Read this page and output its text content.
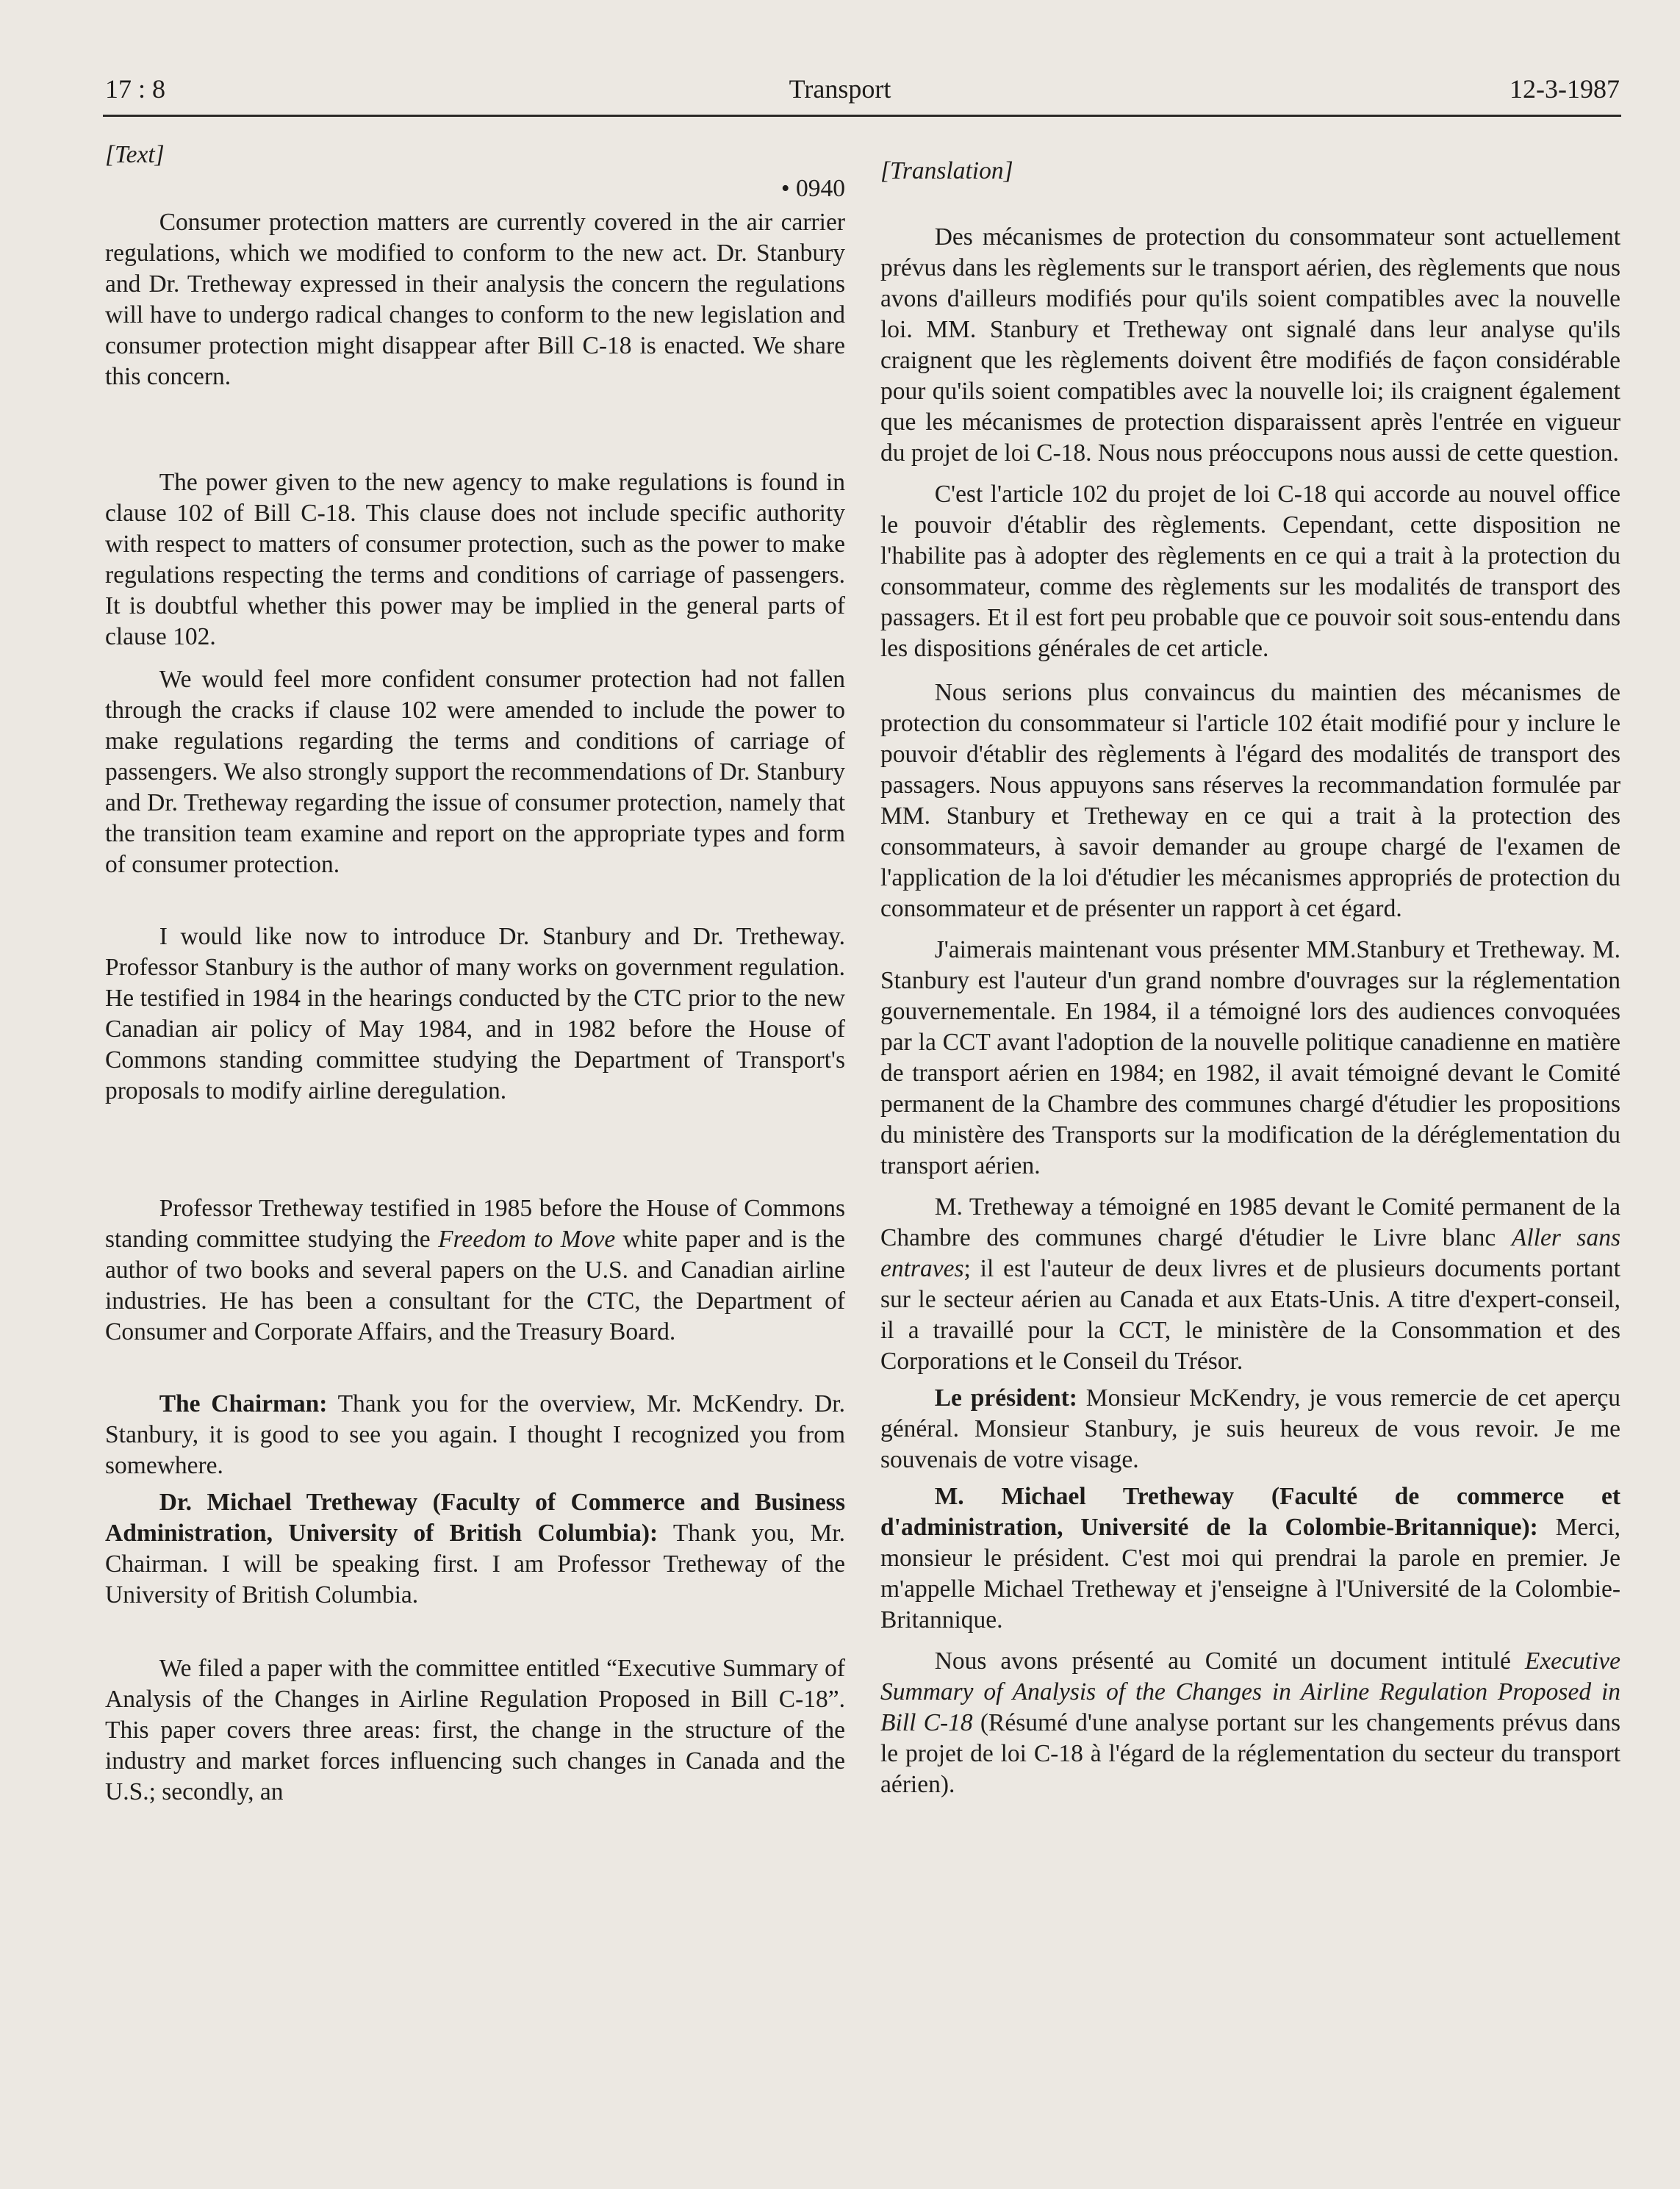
17 : 8	Transport	12-3-1987

[Text]

• 0940

Consumer protection matters are currently covered in the air carrier regulations, which we modified to conform to the new act. Dr. Stanbury and Dr. Tretheway expressed in their analysis the concern the regulations will have to undergo radical changes to conform to the new legislation and consumer protection might disappear after Bill C-18 is enacted. We share this concern.

The power given to the new agency to make regulations is found in clause 102 of Bill C-18. This clause does not include specific authority with respect to matters of consumer protection, such as the power to make regulations respecting the terms and conditions of carriage of passengers. It is doubtful whether this power may be implied in the general parts of clause 102.

We would feel more confident consumer protection had not fallen through the cracks if clause 102 were amended to include the power to make regulations regarding the terms and conditions of carriage of passengers. We also strongly support the recommendations of Dr. Stanbury and Dr. Tretheway regarding the issue of consumer protection, namely that the transition team examine and report on the appropriate types and form of consumer protection.

I would like now to introduce Dr. Stanbury and Dr. Tretheway. Professor Stanbury is the author of many works on government regulation. He testified in 1984 in the hearings conducted by the CTC prior to the new Canadian air policy of May 1984, and in 1982 before the House of Commons standing committee studying the Department of Transport's proposals to modify airline deregulation.

Professor Tretheway testified in 1985 before the House of Commons standing committee studying the Freedom to Move white paper and is the author of two books and several papers on the U.S. and Canadian airline industries. He has been a consultant for the CTC, the Department of Consumer and Corporate Affairs, and the Treasury Board.

The Chairman: Thank you for the overview, Mr. McKendry. Dr. Stanbury, it is good to see you again. I thought I recognized you from somewhere.

Dr. Michael Tretheway (Faculty of Commerce and Business Administration, University of British Columbia): Thank you, Mr. Chairman. I will be speaking first. I am Professor Tretheway of the University of British Columbia.

We filed a paper with the committee entitled “Executive Summary of Analysis of the Changes in Airline Regulation Proposed in Bill C-18”. This paper covers three areas: first, the change in the structure of the industry and market forces influencing such changes in Canada and the U.S.; secondly, an

[Translation]

Des mécanismes de protection du consommateur sont actuellement prévus dans les règlements sur le transport aérien, des règlements que nous avons d'ailleurs modifiés pour qu'ils soient compatibles avec la nouvelle loi. MM. Stanbury et Tretheway ont signalé dans leur analyse qu'ils craignent que les règlements doivent être modifiés de façon considérable pour qu'ils soient compatibles avec la nouvelle loi; ils craignent également que les mécanismes de protection disparaissent après l'entrée en vigueur du projet de loi C-18. Nous nous préoccupons nous aussi de cette question.

C'est l'article 102 du projet de loi C-18 qui accorde au nouvel office le pouvoir d'établir des règlements. Cependant, cette disposition ne l'habilite pas à adopter des règlements en ce qui a trait à la protection du consommateur, comme des règlements sur les modalités de transport des passagers. Et il est fort peu probable que ce pouvoir soit sous-entendu dans les dispositions générales de cet article.

Nous serions plus convaincus du maintien des mécanismes de protection du consommateur si l'article 102 était modifié pour y inclure le pouvoir d'établir des règlements à l'égard des modalités de transport des passagers. Nous appuyons sans réserves la recommandation formulée par MM. Stanbury et Tretheway en ce qui a trait à la protection des consommateurs, à savoir demander au groupe chargé de l'examen de l'application de la loi d'étudier les mécanismes appropriés de protection du consommateur et de présenter un rapport à cet égard.

J'aimerais maintenant vous présenter MM.Stanbury et Tretheway. M. Stanbury est l'auteur d'un grand nombre d'ouvrages sur la réglementation gouvernementale. En 1984, il a témoigné lors des audiences convoquées par la CCT avant l'adoption de la nouvelle politique canadienne en matière de transport aérien en 1984; en 1982, il avait témoigné devant le Comité permanent de la Chambre des communes chargé d'étudier les propositions du ministère des Transports sur la modification de la déréglementation du transport aérien.

M. Tretheway a témoigné en 1985 devant le Comité permanent de la Chambre des communes chargé d'étudier le Livre blanc Aller sans entraves; il est l'auteur de deux livres et de plusieurs documents portant sur le secteur aérien au Canada et aux Etats-Unis. A titre d'expert-conseil, il a travaillé pour la CCT, le ministère de la Consommation et des Corporations et le Conseil du Trésor.

Le président: Monsieur McKendry, je vous remercie de cet aperçu général. Monsieur Stanbury, je suis heureux de vous revoir. Je me souvenais de votre visage.

M. Michael Tretheway (Faculté de commerce et d'administration, Université de la Colombie-Britannique): Merci, monsieur le président. C'est moi qui prendrai la parole en premier. Je m'appelle Michael Tretheway et j'enseigne à l'Université de la Colombie-Britannique.

Nous avons présenté au Comité un document intitulé Executive Summary of Analysis of the Changes in Airline Regulation Proposed in Bill C-18 (Résumé d'une analyse portant sur les changements prévus dans le projet de loi C-18 à l'égard de la réglementation du secteur du transport aérien).
